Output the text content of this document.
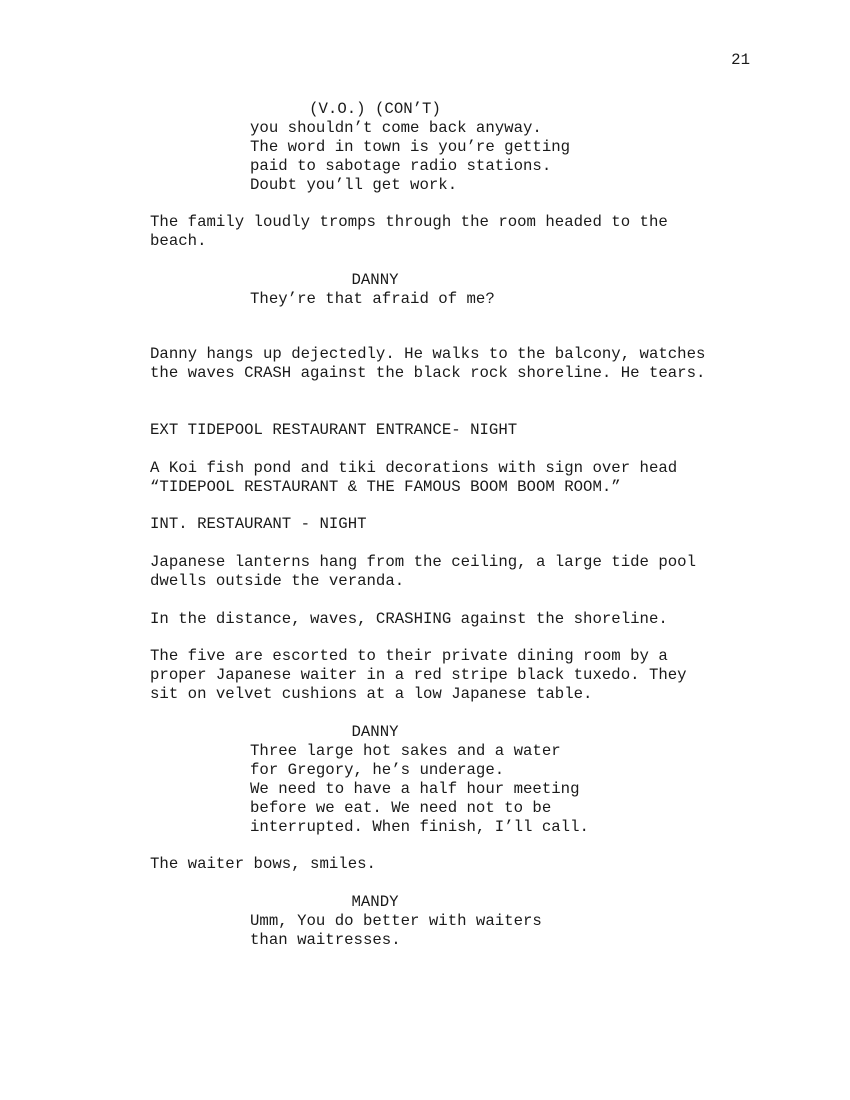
21
(V.O.) (CON’T)
you shouldn’t come back anyway.
The word in town is you’re getting
paid to sabotage radio stations.
Doubt you’ll get work.
The family loudly tromps through the room headed to the
beach.
DANNY
They’re that afraid of me?
Danny hangs up dejectedly. He walks to the balcony, watches
the waves CRASH against the black rock shoreline. He tears.
EXT TIDEPOOL RESTAURANT ENTRANCE- NIGHT
A Koi fish pond and tiki decorations with sign over head
“TIDEPOOL RESTAURANT & THE FAMOUS BOOM BOOM ROOM.”
INT. RESTAURANT - NIGHT
Japanese lanterns hang from the ceiling, a large tide pool
dwells outside the veranda.
In the distance, waves, CRASHING against the shoreline.
The five are escorted to their private dining room by a
proper Japanese waiter in a red stripe black tuxedo. They
sit on velvet cushions at a low Japanese table.
DANNY
Three large hot sakes and a water
for Gregory, he’s underage.
We need to have a half hour meeting
before we eat. We need not to be
interrupted. When finish, I’ll call.
The waiter bows, smiles.
MANDY
Umm, You do better with waiters
than waitresses.
